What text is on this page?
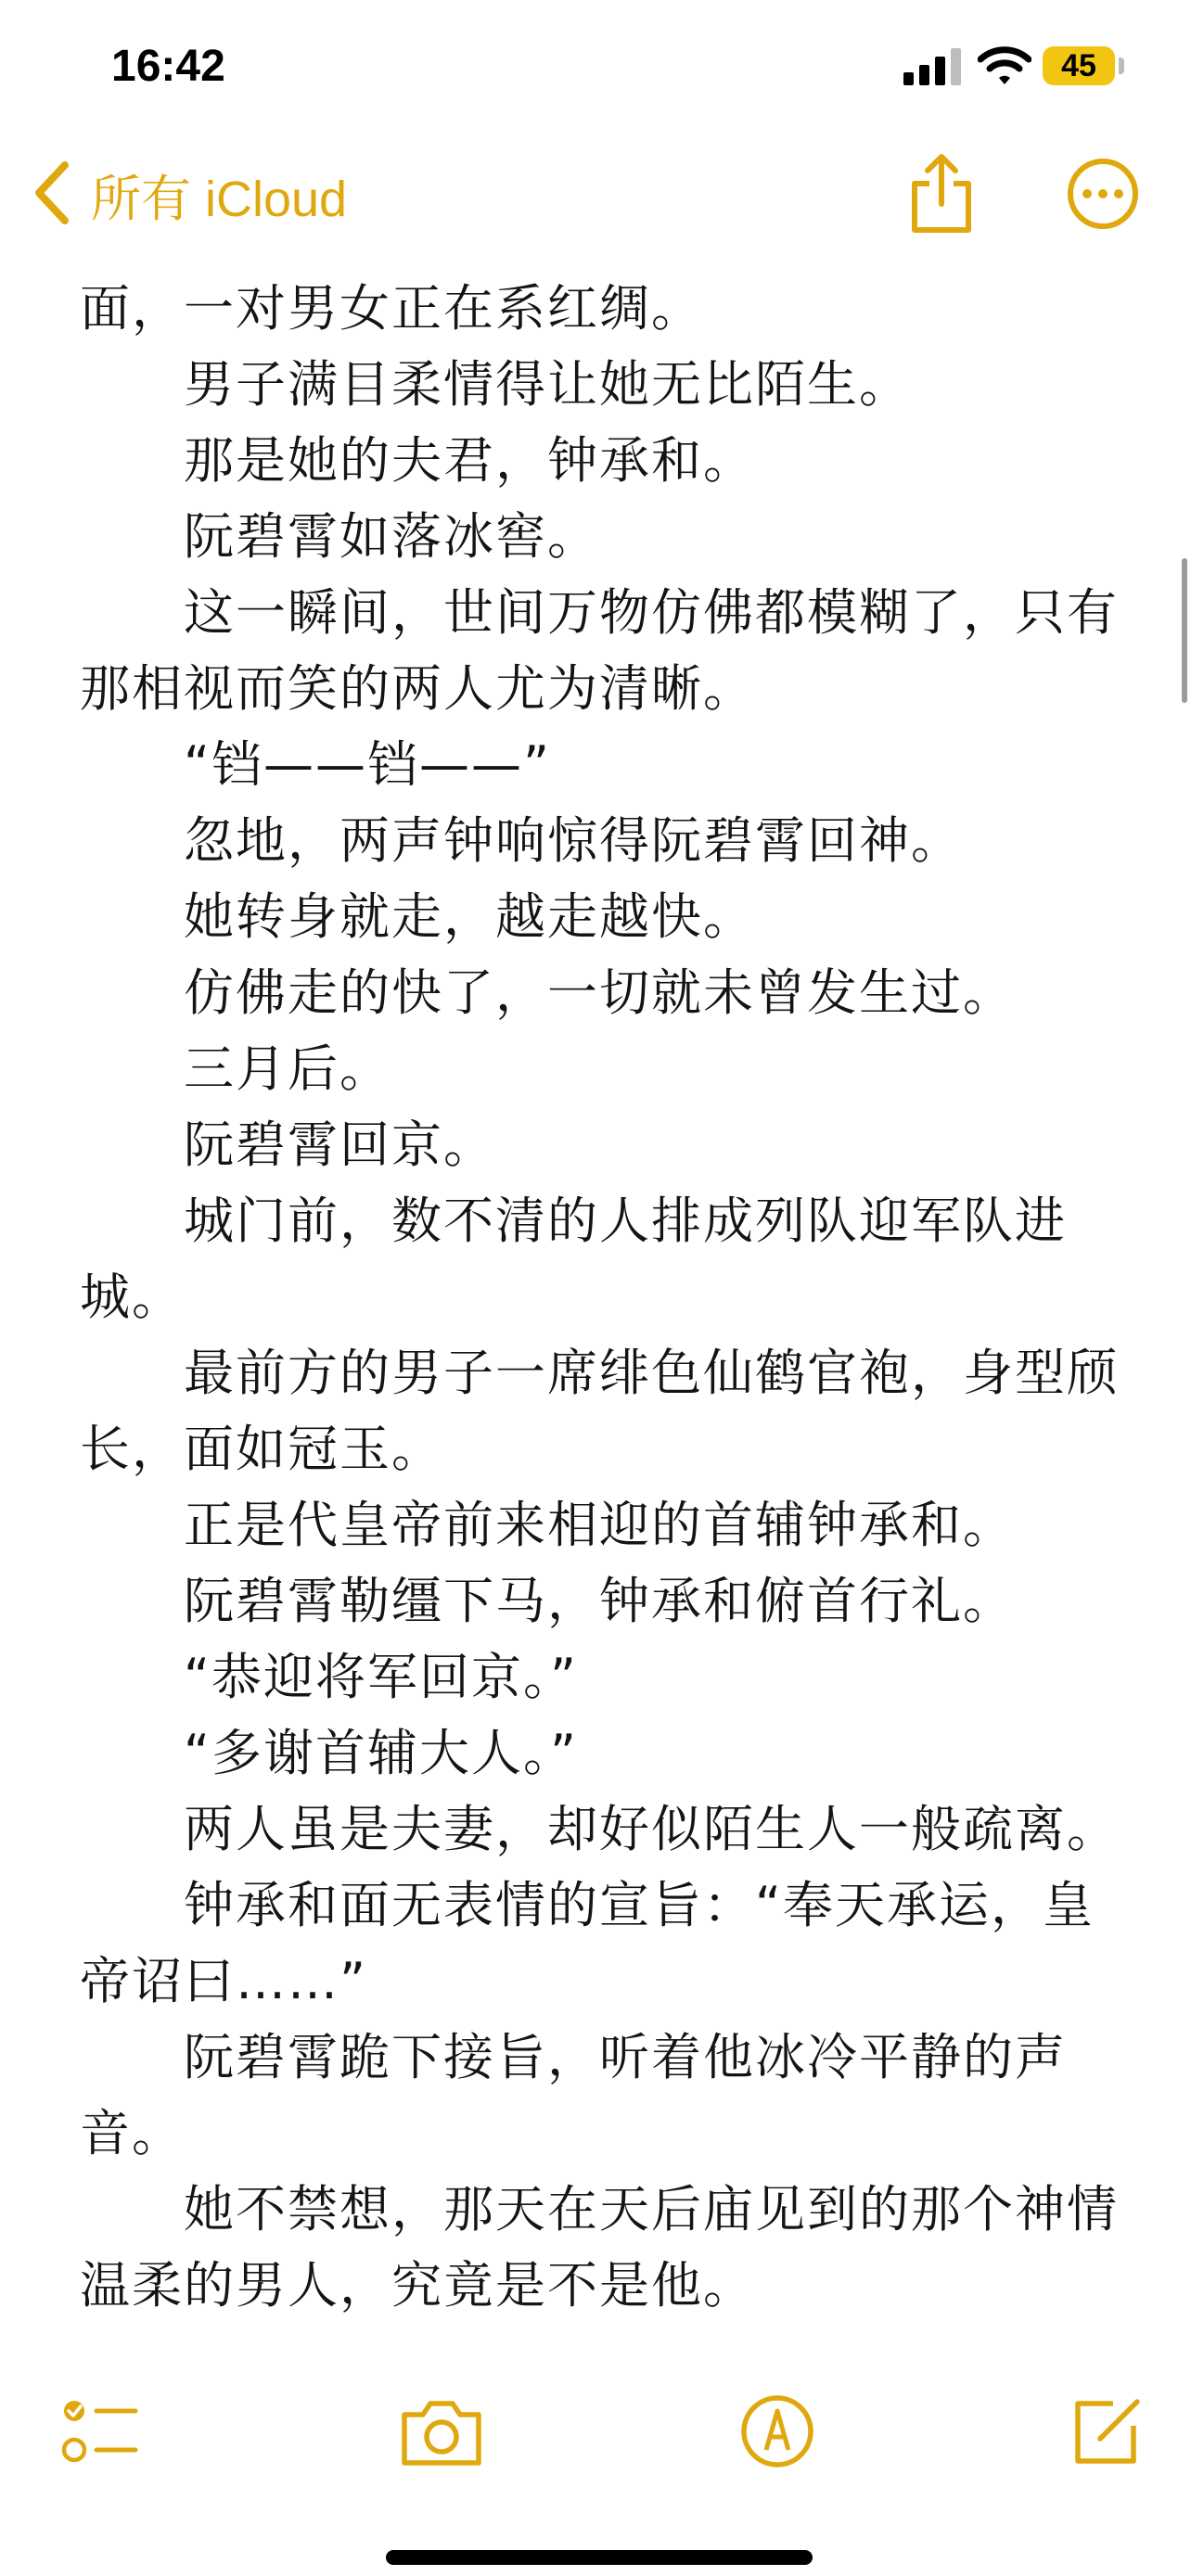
16:42	45
所有 iCloud

面，一对男女正在系红绸。

　　男子满目柔情得让她无比陌生。

　　那是她的夫君，钟承和。

　　阮碧霄如落冰窖。

　　这一瞬间，世间万物仿佛都模糊了，只有那相视而笑的两人尤为清晰。

　　“铛——铛——”

　　忽地，两声钟响惊得阮碧霄回神。

　　她转身就走，越走越快。

　　仿佛走的快了，一切就未曾发生过。

　　三月后。

　　阮碧霄回京。

　　城门前，数不清的人排成列队迎军队进城。

　　最前方的男子一席绯色仙鹤官袍，身型颀长，面如冠玉。

　　正是代皇帝前来相迎的首辅钟承和。

　　阮碧霄勒缰下马，钟承和俯首行礼。

　　“恭迎将军回京。”

　　“多谢首辅大人。”

　　两人虽是夫妻，却好似陌生人一般疏离。

　　钟承和面无表情的宣旨：“奉天承运，皇帝诏曰……”

　　阮碧霄跪下接旨，听着他冰冷平静的声音。

　　她不禁想，那天在天后庙见到的那个神情温柔的男人，究竟是不是他。
